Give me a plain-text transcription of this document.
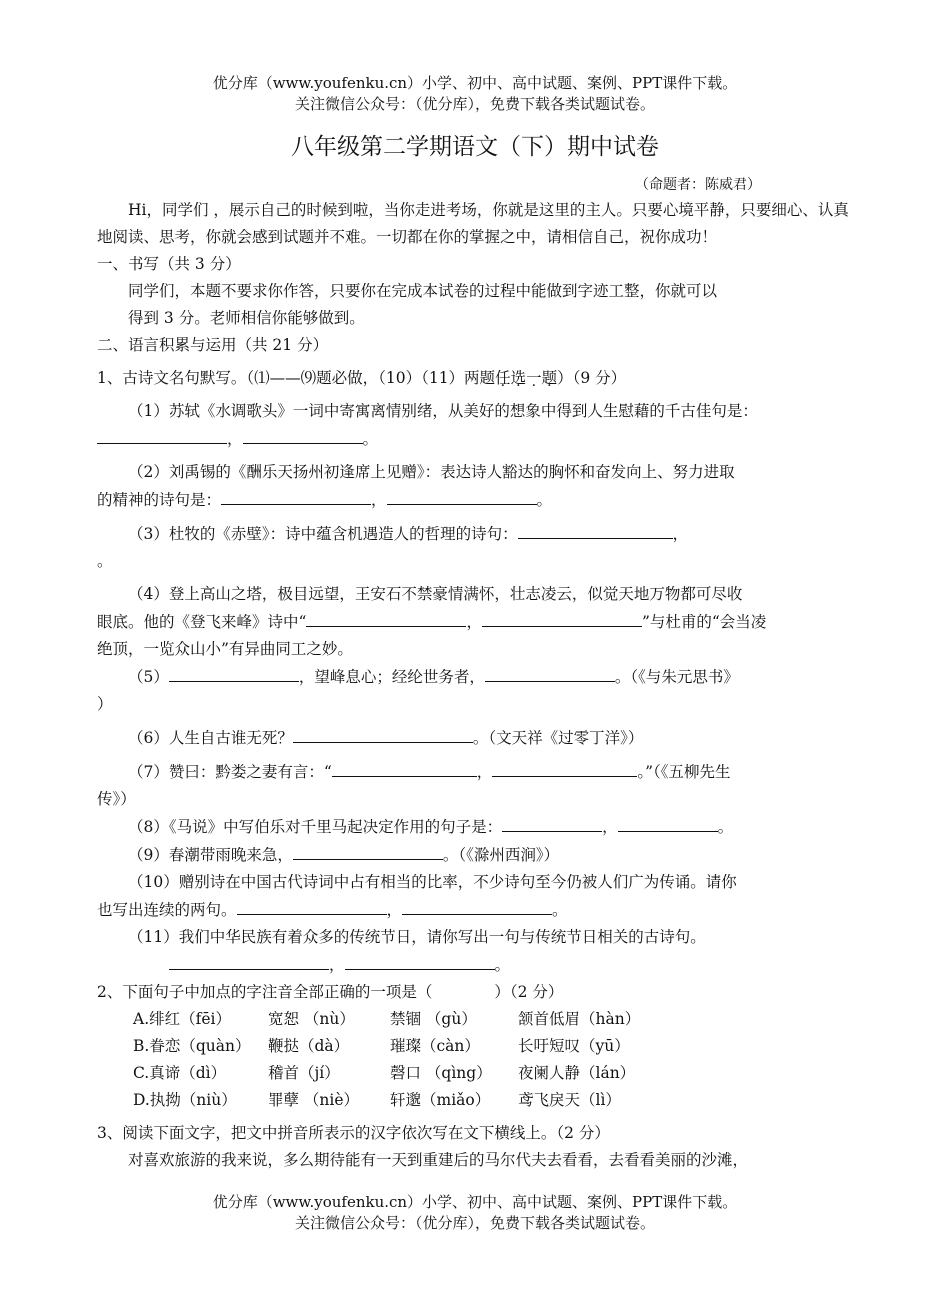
优分库（www.youfenku.cn）小学、初中、高中试题、案例、PPT课件下载。
关注微信公众号：（优分库），免费下载各类试题试卷。
八年级第二学期语文（下）期中试卷
（命题者：陈威君）

Hi，同学们 ，展示自己的时候到啦，当你走进考场，你就是这里的主人。只要心境平静，只要细心、认真地阅读、思考，你就会感到试题并不难。一切都在你的掌握之中，请相信自己，祝你成功！

一、书写（共 3 分）

同学们，本题不要求你作答，只要你在完成本试卷的过程中能做到字迹工整，你就可以

得到 3 分。老师相信你能够做到。

二、语言积累与运用（共 21 分）

1、古诗文名句默写。（⑴——⑼题必做，（10）（11）两题任选一题）（9 分）

（1）苏轼《水调歌头》一词中寄寓离情别绪，从美好的想象中得到人生慰藉的千古佳句是：

，	。

（2）刘禹锡的《酬乐天扬州初逢席上见赠》：表达诗人豁达的胸怀和奋发向上、努力进取

的精神的诗句是：	，	。

（3）杜牧的《赤壁》：诗中蕴含机遇造人的哲理的诗句：	，

。

（4）登上高山之塔，极目远望，王安石不禁豪情满怀，壮志凌云，似觉天地万物都可尽收

眼底。他的《登飞来峰》诗中“	，	”与杜甫的“会当凌

绝顶，一览众山小”有异曲同工之妙。

（5）	，望峰息心；经纶世务者，	。（《与朱元思书》

）

（6）人生自古谁无死？	。（文天祥《过零丁洋》）

（7）赞曰：黔娄之妻有言：“	，	。”（《五柳先生

传》）

（8）《马说》中写伯乐对千里马起决定作用的句子是：	，	。

（9）春潮带雨晚来急，	。（《滁州西涧》）

（10）赠别诗在中国古代诗词中占有相当的比率，不少诗句至今仍被人们广为传诵。请你

也写出连续的两句。	，	。

（11）我们中华民族有着众多的传统节日，请你写出一句与传统节日相关的古诗句。

，	。

2、下面句子中加点的字注音全部正确的一项是（　　　　）（2 分）

A.绯红（fēi） 宽恕 （nù） 禁锢 （gù）	颔首低眉（hàn）
B.眷恋（quàn） 鞭挞（dà）	璀璨（càn） 长吁短叹（yū）
C.真谛（dì）	稽首（jí）	磬口 （qìng） 夜阑人静（lán）
D.执拗（niù） 罪孽 （niè） 轩邈（miǎo） 鸢飞戾天（lì）

3、阅读下面文字，把文中拼音所表示的汉字依次写在文下横线上。（2 分）

对喜欢旅游的我来说，多么期待能有一天到重建后的马尔代夫去看看，去看看美丽的沙滩，

优分库（www.youfenku.cn）小学、初中、高中试题、案例、PPT课件下载。
关注微信公众号：（优分库），免费下载各类试题试卷。
